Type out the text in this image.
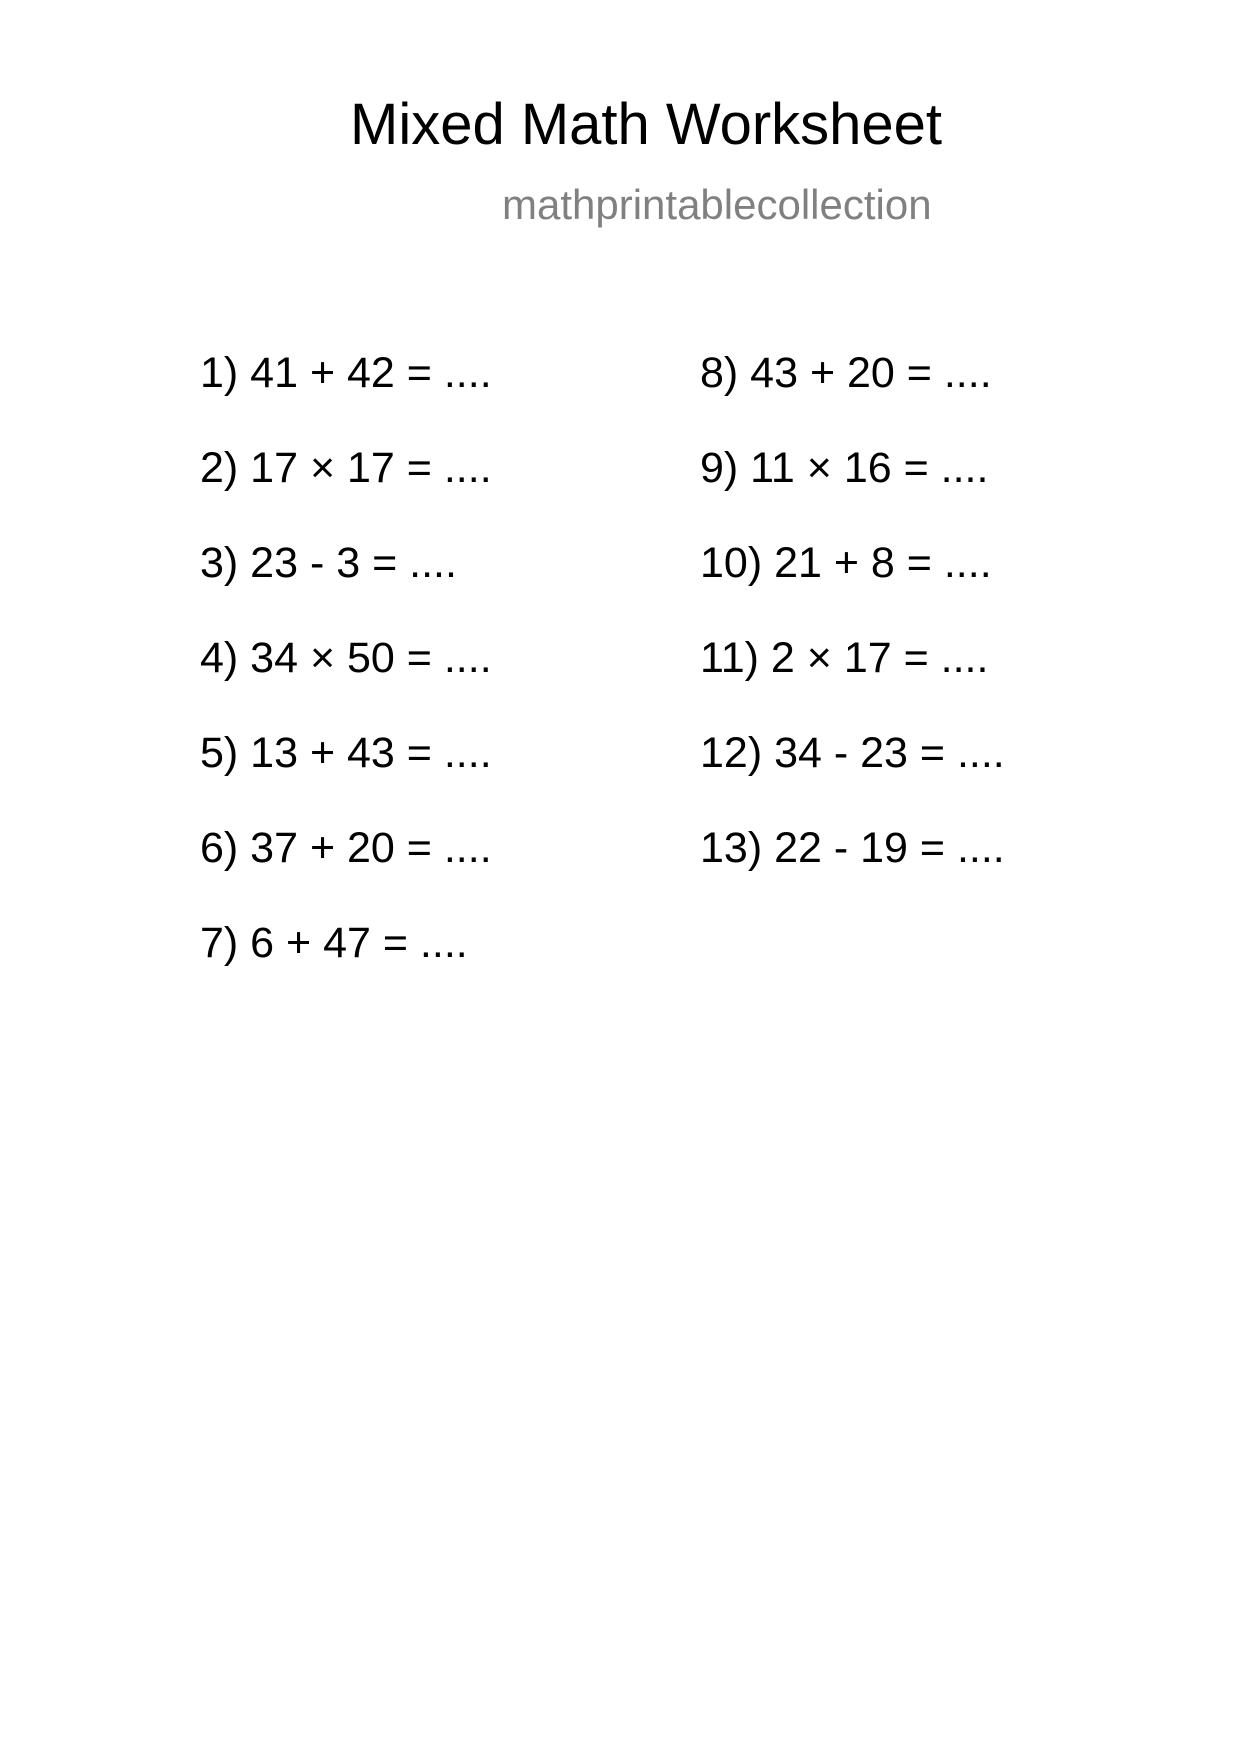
Mixed Math Worksheet
mathprintablecollection
1) 41 + 42 = ....
2) 17 × 17 = ....
3) 23 - 3 = ....
4) 34 × 50 = ....
5) 13 + 43 = ....
6) 37 + 20 = ....
7) 6 + 47 = ....
8) 43 + 20 = ....
9) 11 × 16 = ....
10) 21 + 8 = ....
11) 2 × 17 = ....
12) 34 - 23 = ....
13) 22 - 19 = ....
